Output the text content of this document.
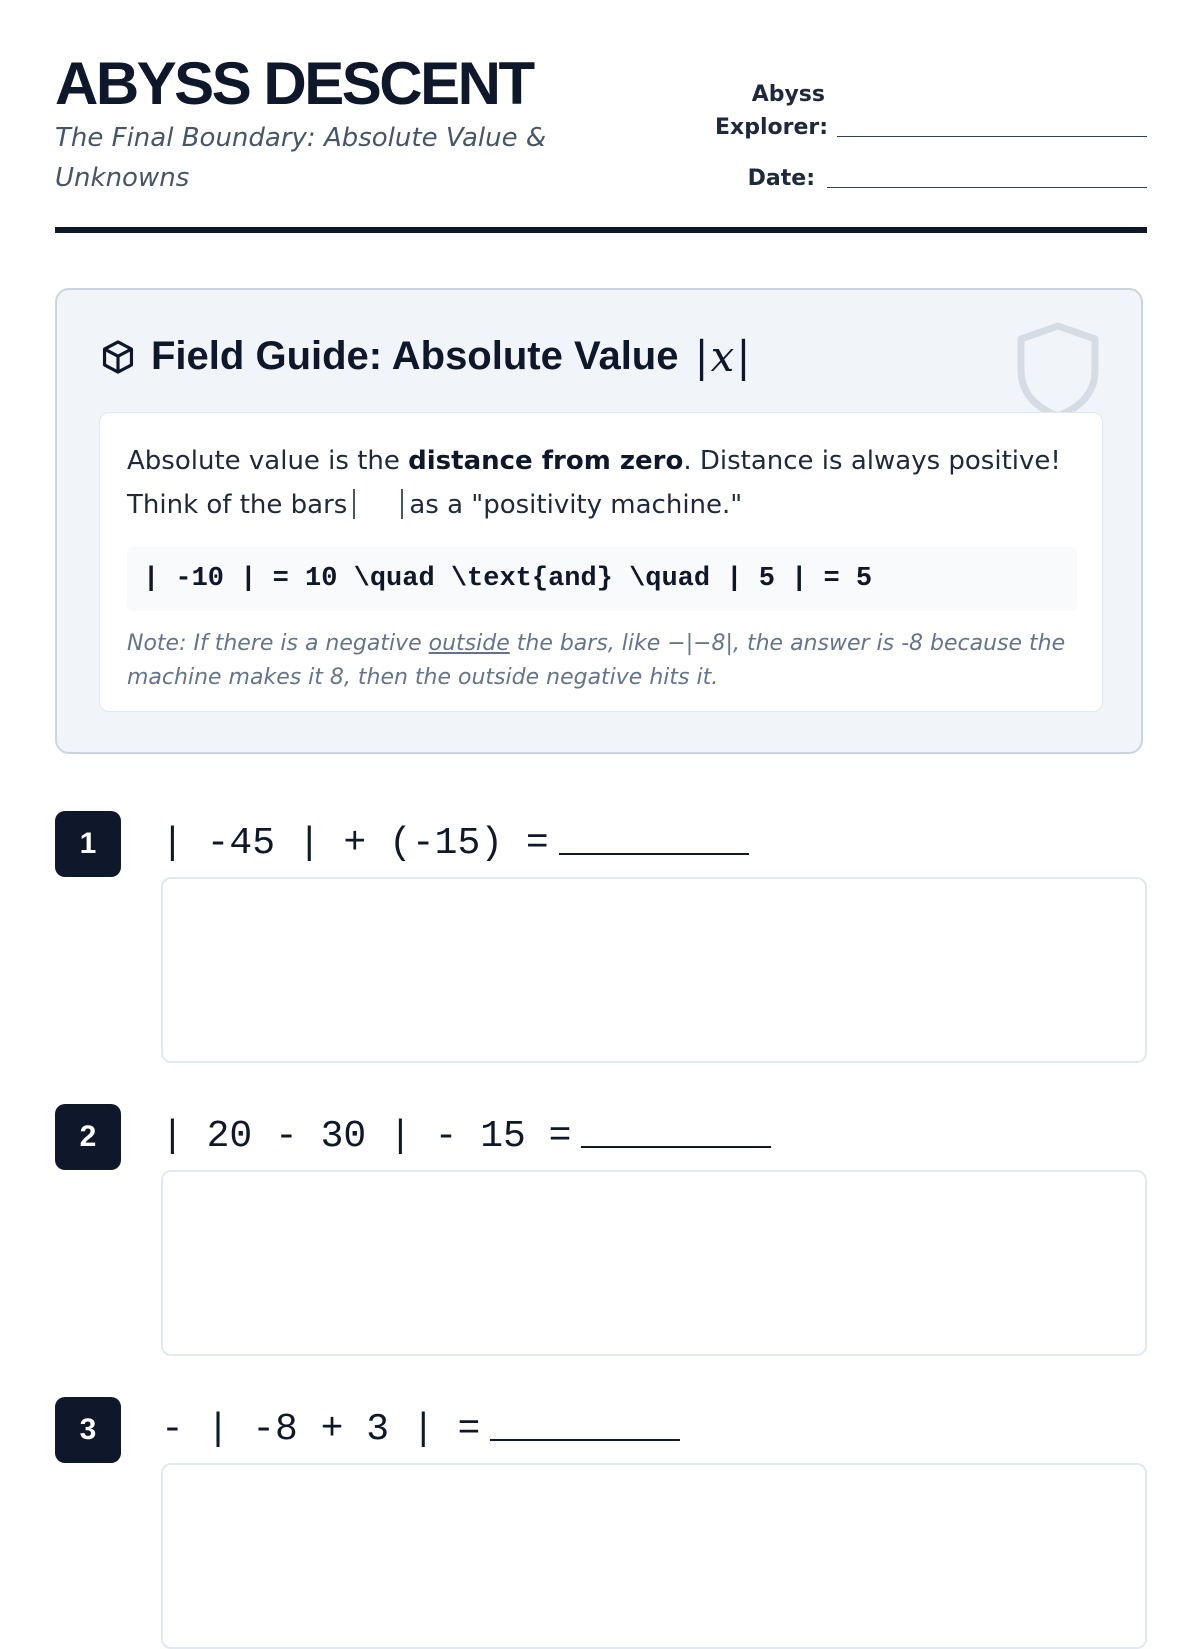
ABYSS DESCENT
The Final Boundary: Absolute Value & Unknowns
Abyss Explorer:
Date:
Field Guide: Absolute Value |x|
Absolute value is the distance from zero. Distance is always positive! Think of the bars as a "positivity machine."
| -10 | = 10 \quad \text{and} \quad | 5 | = 5
Note: If there is a negative outside the bars, like −|−8|, the answer is -8 because the machine makes it 8, then the outside negative hits it.
1	| -45 | + (-15) =
2	| 20 - 30 | - 15 =
3	- | -8 + 3 | =
